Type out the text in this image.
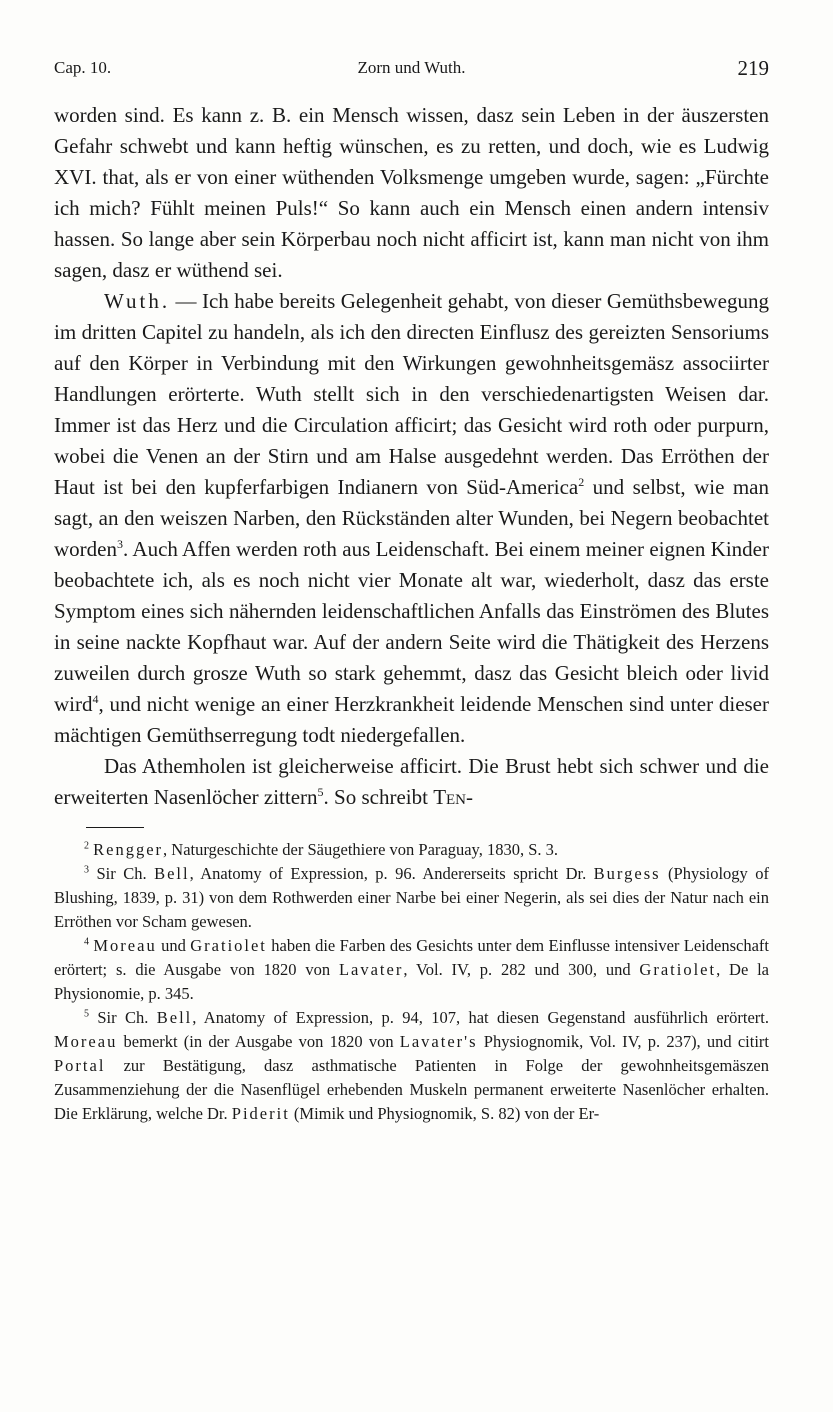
Cap. 10.	Zorn und Wuth.	219

worden sind. Es kann z. B. ein Mensch wissen, dasz sein Leben in der äuszersten Gefahr schwebt und kann heftig wünschen, es zu retten, und doch, wie es Ludwig XVI. that, als er von einer wüthenden Volksmenge umgeben wurde, sagen: „Fürchte ich mich? Fühlt meinen Puls!“ So kann auch ein Mensch einen andern intensiv hassen. So lange aber sein Körperbau noch nicht afficirt ist, kann man nicht von ihm sagen, dasz er wüthend sei.

Wuth. — Ich habe bereits Gelegenheit gehabt, von dieser Gemüthsbewegung im dritten Capitel zu handeln, als ich den directen Einflusz des gereizten Sensoriums auf den Körper in Verbindung mit den Wirkungen gewohnheitsgemäsz associirter Handlungen erörterte. Wuth stellt sich in den verschiedenartigsten Weisen dar. Immer ist das Herz und die Circulation afficirt; das Gesicht wird roth oder purpurn, wobei die Venen an der Stirn und am Halse ausgedehnt werden. Das Erröthen der Haut ist bei den kupferfarbigen Indianern von Süd-America$^2$ und selbst, wie man sagt, an den weiszen Narben, den Rückständen alter Wunden, bei Negern beobachtet worden$^3$. Auch Affen werden roth aus Leidenschaft. Bei einem meiner eignen Kinder beobachtete ich, als es noch nicht vier Monate alt war, wiederholt, dasz das erste Symptom eines sich nähernden leidenschaftlichen Anfalls das Einströmen des Blutes in seine nackte Kopfhaut war. Auf der andern Seite wird die Thätigkeit des Herzens zuweilen durch grosze Wuth so stark gehemmt, dasz das Gesicht bleich oder livid wird$^4$, und nicht wenige an einer Herzkrankheit leidende Menschen sind unter dieser mächtigen Gemüthserregung todt niedergefallen.

Das Athemholen ist gleicherweise afficirt. Die Brust hebt sich schwer und die erweiterten Nasenlöcher zittern$^5$. So schreibt Ten-

$^2$ Rengger, Naturgeschichte der Säugethiere von Paraguay, 1830, S. 3.

$^3$ Sir Ch. Bell, Anatomy of Expression, p. 96. Andererseits spricht Dr. Burgess (Physiology of Blushing, 1839, p. 31) von dem Rothwerden einer Narbe bei einer Negerin, als sei dies der Natur nach ein Erröthen vor Scham gewesen.

$^4$ Moreau und Gratiolet haben die Farben des Gesichts unter dem Einflusse intensiver Leidenschaft erörtert; s. die Ausgabe von 1820 von Lavater, Vol. IV, p. 282 und 300, und Gratiolet, De la Physionomie, p. 345.

$^5$ Sir Ch. Bell, Anatomy of Expression, p. 94, 107, hat diesen Gegenstand ausführlich erörtert. Moreau bemerkt (in der Ausgabe von 1820 von Lavater's Physiognomik, Vol. IV, p. 237), und citirt Portal zur Bestätigung, dasz asthmatische Patienten in Folge der gewohnheitsgemäszen Zusammenziehung der die Nasenflügel erhebenden Muskeln permanent erweiterte Nasenlöcher erhalten. Die Erklärung, welche Dr. Piderit (Mimik und Physiognomik, S. 82) von der Er-
